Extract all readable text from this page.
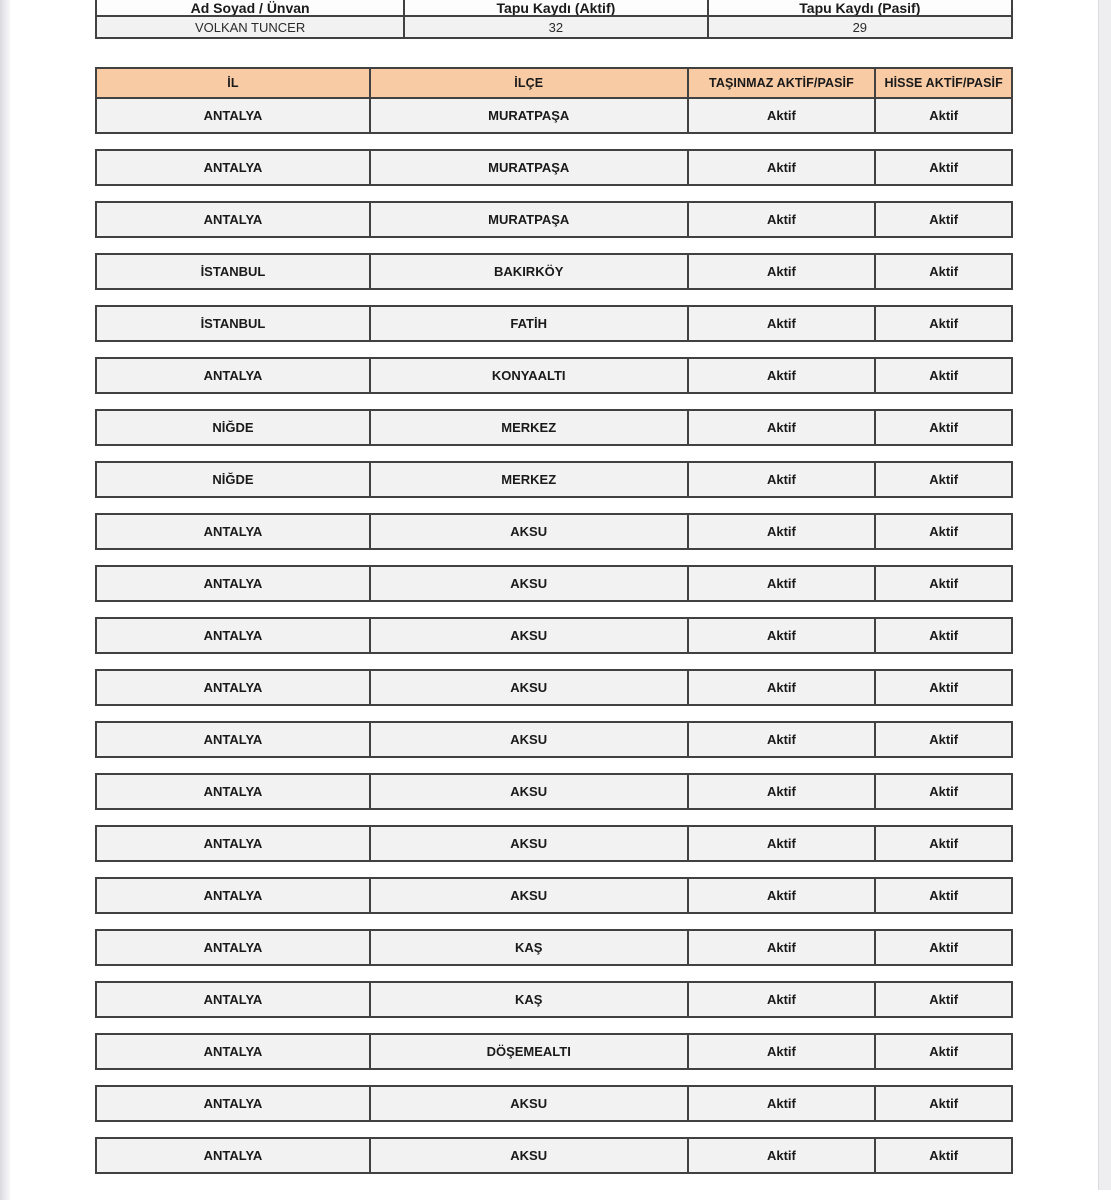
Ad Soyad / Ünvan	Tapu Kaydı (Aktif)	Tapu Kaydı (Pasif)
VOLKAN TUNCER	32	29
İL	İLÇE	TAŞINMAZ AKTİF/PASİF	HİSSE AKTİF/PASİF
ANTALYA	MURATPAŞA	Aktif	Aktif
ANTALYA	MURATPAŞA	Aktif	Aktif
ANTALYA	MURATPAŞA	Aktif	Aktif
İSTANBUL	BAKIRKÖY	Aktif	Aktif
İSTANBUL	FATİH	Aktif	Aktif
ANTALYA	KONYAALTI	Aktif	Aktif
NİĞDE	MERKEZ	Aktif	Aktif
NİĞDE	MERKEZ	Aktif	Aktif
ANTALYA	AKSU	Aktif	Aktif
ANTALYA	AKSU	Aktif	Aktif
ANTALYA	AKSU	Aktif	Aktif
ANTALYA	AKSU	Aktif	Aktif
ANTALYA	AKSU	Aktif	Aktif
ANTALYA	AKSU	Aktif	Aktif
ANTALYA	AKSU	Aktif	Aktif
ANTALYA	AKSU	Aktif	Aktif
ANTALYA	KAŞ	Aktif	Aktif
ANTALYA	KAŞ	Aktif	Aktif
ANTALYA	DÖŞEMEALTI	Aktif	Aktif
ANTALYA	AKSU	Aktif	Aktif
ANTALYA	AKSU	Aktif	Aktif
